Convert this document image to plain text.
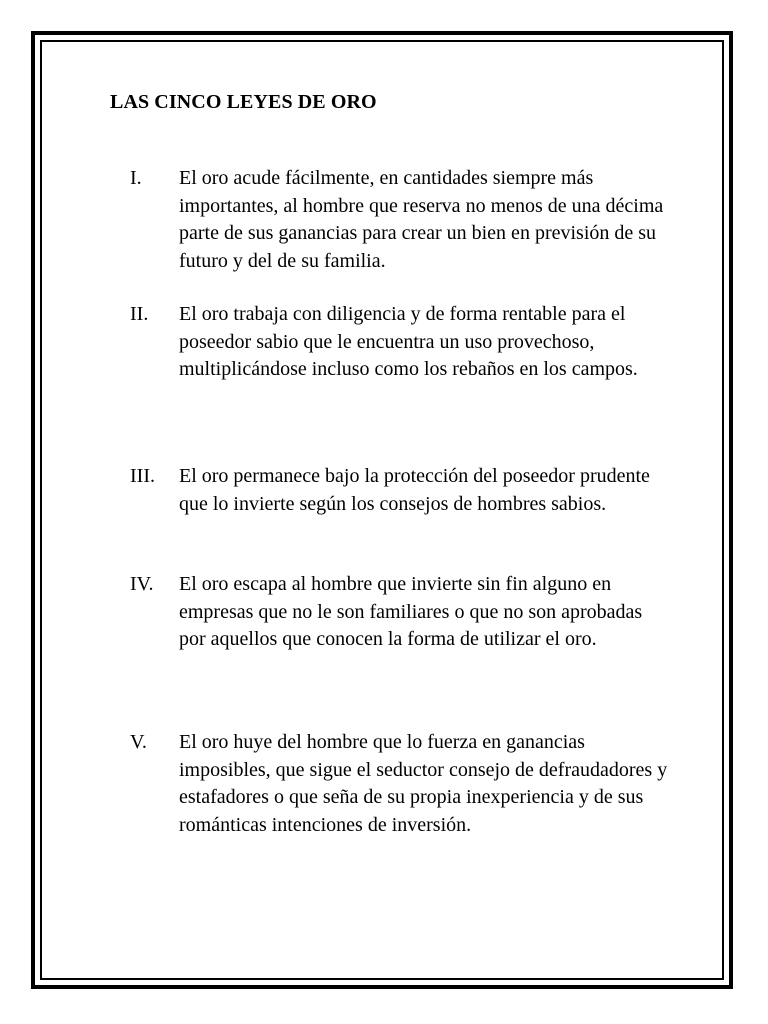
LAS CINCO LEYES DE ORO
I.	El oro acude fácilmente, en cantidades siempre más importantes, al hombre que reserva no menos de una décima parte de sus ganancias para crear un bien en previsión de su futuro y del de su familia.
II.	El oro trabaja con diligencia y de forma rentable para el poseedor sabio que le encuentra un uso provechoso, multiplicándose incluso como los rebaños en los campos.
III.	El oro permanece bajo la protección del poseedor prudente que lo invierte según los consejos de hombres sabios.
IV.	El oro escapa al hombre que invierte sin fin alguno en empresas que no le son familiares o que no son aprobadas por aquellos que conocen la forma de utilizar el oro.
V.	El oro huye del hombre que lo fuerza en ganancias imposibles, que sigue el seductor consejo de defraudadores y estafadores o que seña de su propia inexperiencia y de sus románticas intenciones de inversión.
